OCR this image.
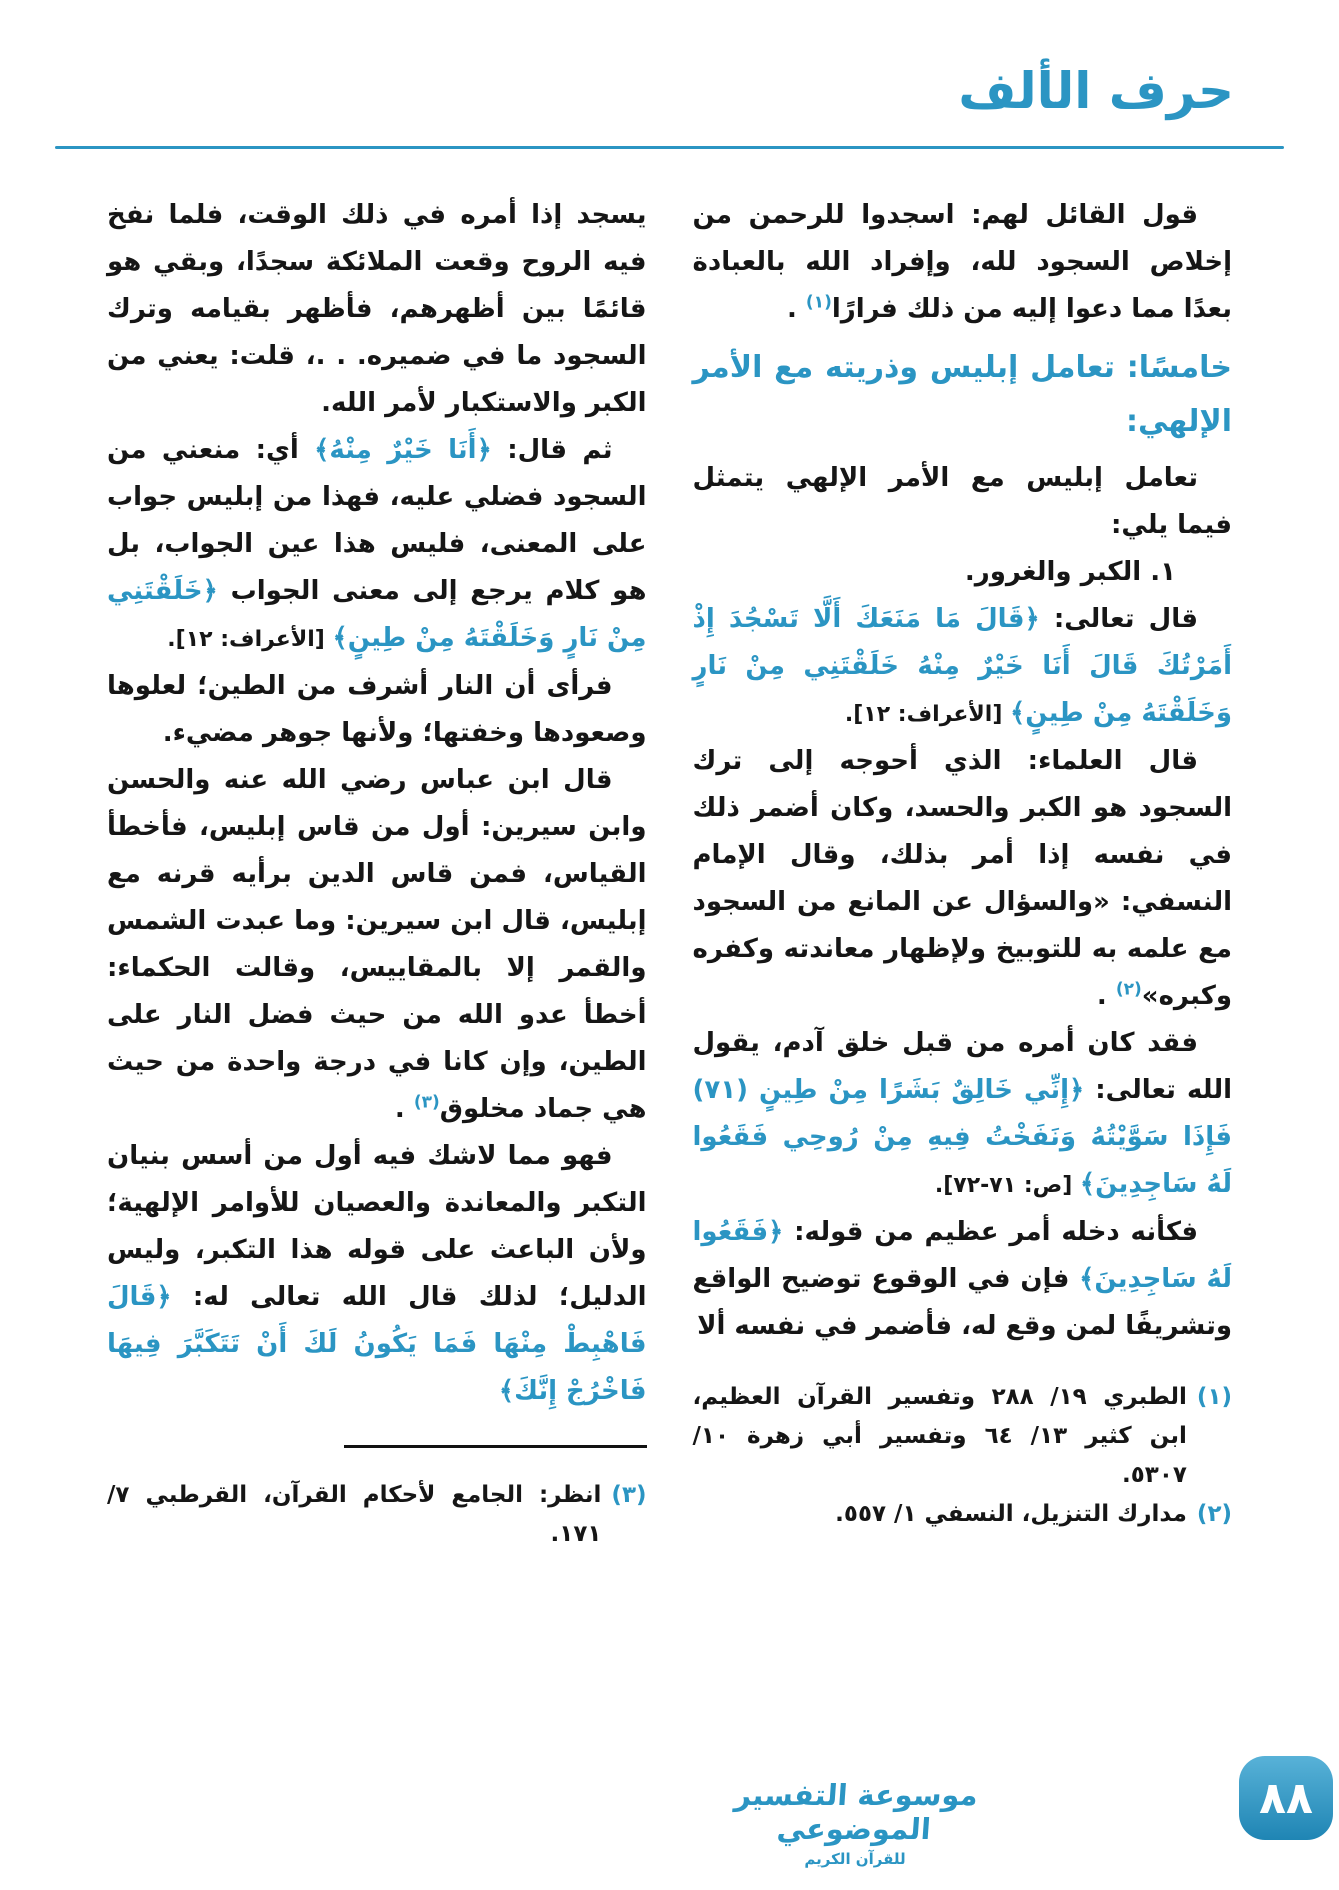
حرف الألف

قول القائل لهم: اسجدوا للرحمن من إخلاص السجود لله، وإفراد الله بالعبادة بعدًا مما دعوا إليه من ذلك فرارًا$^{(١)}$ .

خامسًا: تعامل إبليس وذريته مع الأمر الإلهي:

تعامل إبليس مع الأمر الإلهي يتمثل فيما يلي:

١. الكبر والغرور.

قال تعالى: ﴿قَالَ مَا مَنَعَكَ أَلَّا تَسْجُدَ إِذْ أَمَرْتُكَ قَالَ أَنَا خَيْرٌ مِنْهُ خَلَقْتَنِي مِنْ نَارٍ وَخَلَقْتَهُ مِنْ طِينٍ﴾ [الأعراف: ١٢].

قال العلماء: الذي أحوجه إلى ترك السجود هو الكبر والحسد، وكان أضمر ذلك في نفسه إذا أمر بذلك، وقال الإمام النسفي: «والسؤال عن المانع من السجود مع علمه به للتوبيخ ولإظهار معاندته وكفره وكبره»$^{(٢)}$ .

فقد كان أمره من قبل خلق آدم، يقول الله تعالى: ﴿إِنِّي خَالِقٌ بَشَرًا مِنْ طِينٍ (٧١) فَإِذَا سَوَّيْتُهُ وَنَفَخْتُ فِيهِ مِنْ رُوحِي فَقَعُوا لَهُ سَاجِدِينَ﴾ [ص: ٧١-٧٢].

فكأنه دخله أمر عظيم من قوله: ﴿فَقَعُوا لَهُ سَاجِدِينَ﴾ فإن في الوقوع توضيح الواقع وتشريفًا لمن وقع له، فأضمر في نفسه ألا

(١)
الطبري ١٩/ ٢٨٨ وتفسير القرآن العظيم، ابن كثير ١٣/ ٦٤ وتفسير أبي زهرة ١٠/ ٥٣٠٧.
(٢)
مدارك التنزيل، النسفي ١/ ٥٥٧.

يسجد إذا أمره في ذلك الوقت، فلما نفخ فيه الروح وقعت الملائكة سجدًا، وبقي هو قائمًا بين أظهرهم، فأظهر بقيامه وترك السجود ما في ضميره. . .، قلت: يعني من الكبر والاستكبار لأمر الله.

ثم قال: ﴿أَنَا خَيْرٌ مِنْهُ﴾ أي: منعني من السجود فضلي عليه، فهذا من إبليس جواب على المعنى، فليس هذا عين الجواب، بل هو كلام يرجع إلى معنى الجواب ﴿خَلَقْتَنِي مِنْ نَارٍ وَخَلَقْتَهُ مِنْ طِينٍ﴾ [الأعراف: ١٢].

فرأى أن النار أشرف من الطين؛ لعلوها وصعودها وخفتها؛ ولأنها جوهر مضيء.

قال ابن عباس رضي الله عنه والحسن وابن سيرين: أول من قاس إبليس، فأخطأ القياس، فمن قاس الدين برأيه قرنه مع إبليس، قال ابن سيرين: وما عبدت الشمس والقمر إلا بالمقاييس، وقالت الحكماء: أخطأ عدو الله من حيث فضل النار على الطين، وإن كانا في درجة واحدة من حيث هي جماد مخلوق$^{(٣)}$ .

فهو مما لاشك فيه أول من أسس بنيان التكبر والمعاندة والعصيان للأوامر الإلهية؛ ولأن الباعث على قوله هذا التكبر، وليس الدليل؛ لذلك قال الله تعالى له: ﴿قَالَ فَاهْبِطْ مِنْهَا فَمَا يَكُونُ لَكَ أَنْ تَتَكَبَّرَ فِيهَا فَاخْرُجْ إِنَّكَ﴾

(٣)
انظر: الجامع لأحكام القرآن، القرطبي ٧/ ١٧١.
موسوعة التفسير الموضوعي
للقرآن الكريم
٨٨
